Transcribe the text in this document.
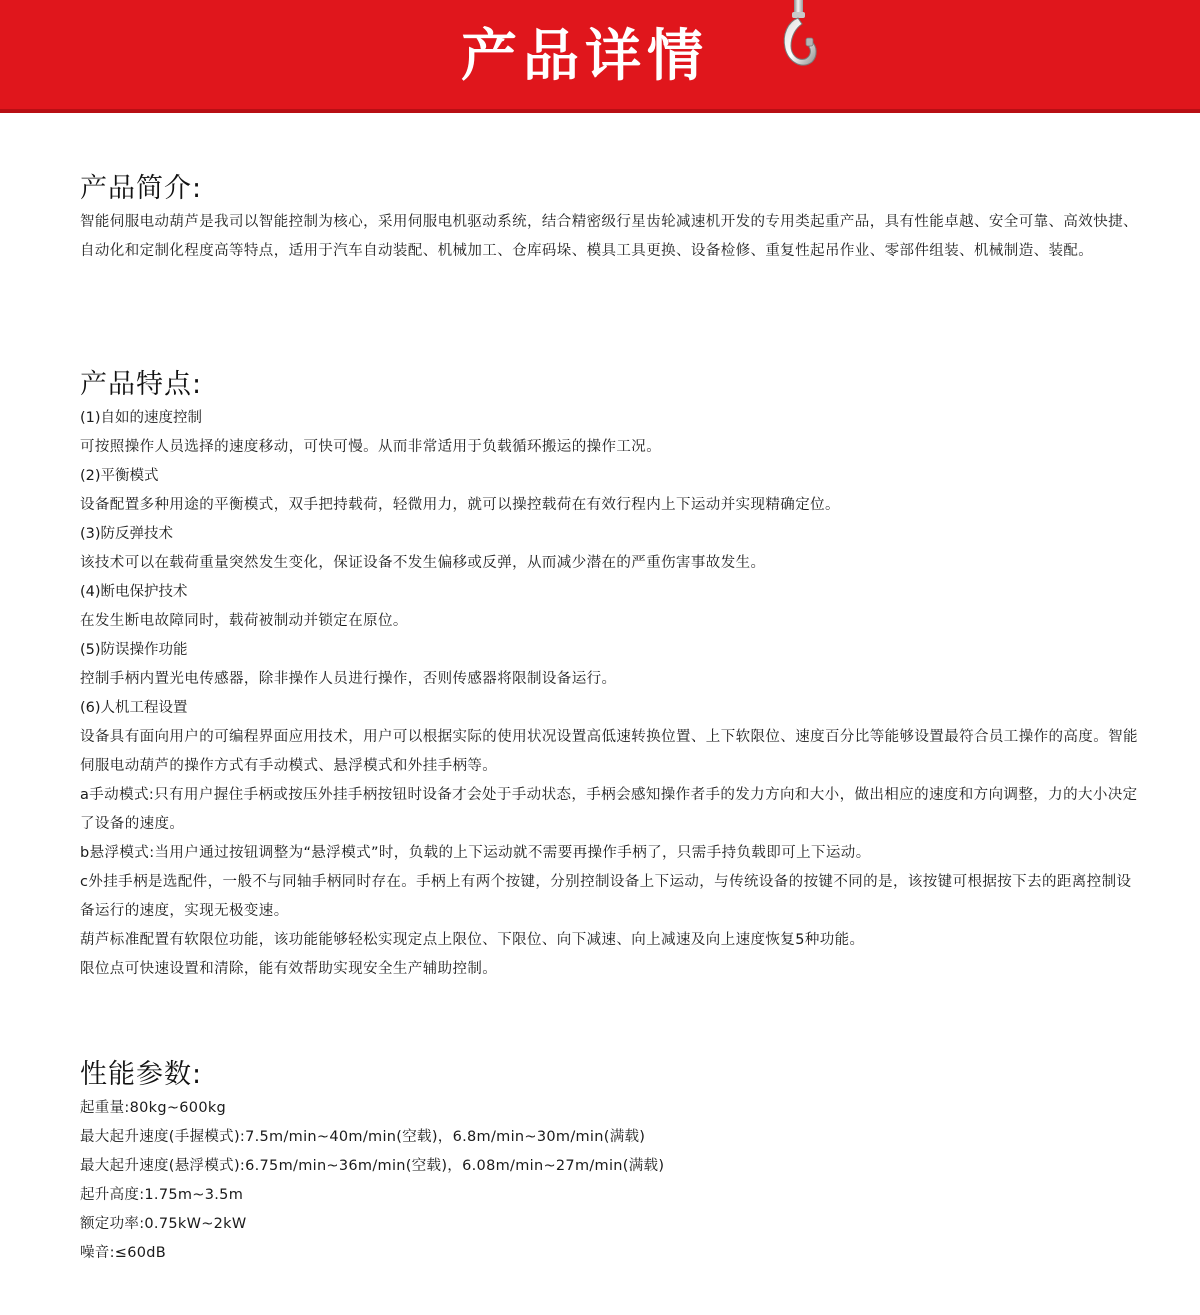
产品详情
产品简介:
智能伺服电动葫芦是我司以智能控制为核心，采用伺服电机驱动系统，结合精密级行星齿轮减速机开发的专用类起重产品，具有性能卓越、安全可靠、高效快捷、自动化和定制化程度高等特点，适用于汽车自动装配、机械加工、仓库码垛、模具工具更换、设备检修、重复性起吊作业、零部件组装、机械制造、装配。
产品特点:
(1)自如的速度控制
可按照操作人员选择的速度移动，可快可慢。从而非常适用于负载循环搬运的操作工况。
(2)平衡模式
设备配置多种用途的平衡模式，双手把持载荷，轻微用力，就可以操控载荷在有效行程内上下运动并实现精确定位。
(3)防反弹技术
该技术可以在载荷重量突然发生变化，保证设备不发生偏移或反弹，从而减少潜在的严重伤害事故发生。
(4)断电保护技术
在发生断电故障同时，载荷被制动并锁定在原位。
(5)防误操作功能
控制手柄内置光电传感器，除非操作人员进行操作，否则传感器将限制设备运行。
(6)人机工程设置
设备具有面向用户的可编程界面应用技术，用户可以根据实际的使用状况设置高低速转换位置、上下软限位、速度百分比等能够设置最符合员工操作的高度。智能伺服电动葫芦的操作方式有手动模式、悬浮模式和外挂手柄等。
a手动模式:只有用户握住手柄或按压外挂手柄按钮时设备才会处于手动状态，手柄会感知操作者手的发力方向和大小，做出相应的速度和方向调整，力的大小决定了设备的速度。
b悬浮模式:当用户通过按钮调整为“悬浮模式”时，负载的上下运动就不需要再操作手柄了，只需手持负载即可上下运动。
c外挂手柄是选配件，一般不与同轴手柄同时存在。手柄上有两个按键，分别控制设备上下运动，与传统设备的按键不同的是，该按键可根据按下去的距离控制设备运行的速度，实现无极变速。
葫芦标准配置有软限位功能，该功能能够轻松实现定点上限位、下限位、向下减速、向上减速及向上速度恢复5种功能。
限位点可快速设置和清除，能有效帮助实现安全生产辅助控制。
性能参数:
起重量:80kg~600kg
最大起升速度(手握模式):7.5m/min~40m/min(空载)，6.8m/min~30m/min(满载)
最大起升速度(悬浮模式):6.75m/min~36m/min(空载)，6.08m/min~27m/min(满载)
起升高度:1.75m~3.5m
额定功率:0.75kW~2kW
噪音:≤60dB
